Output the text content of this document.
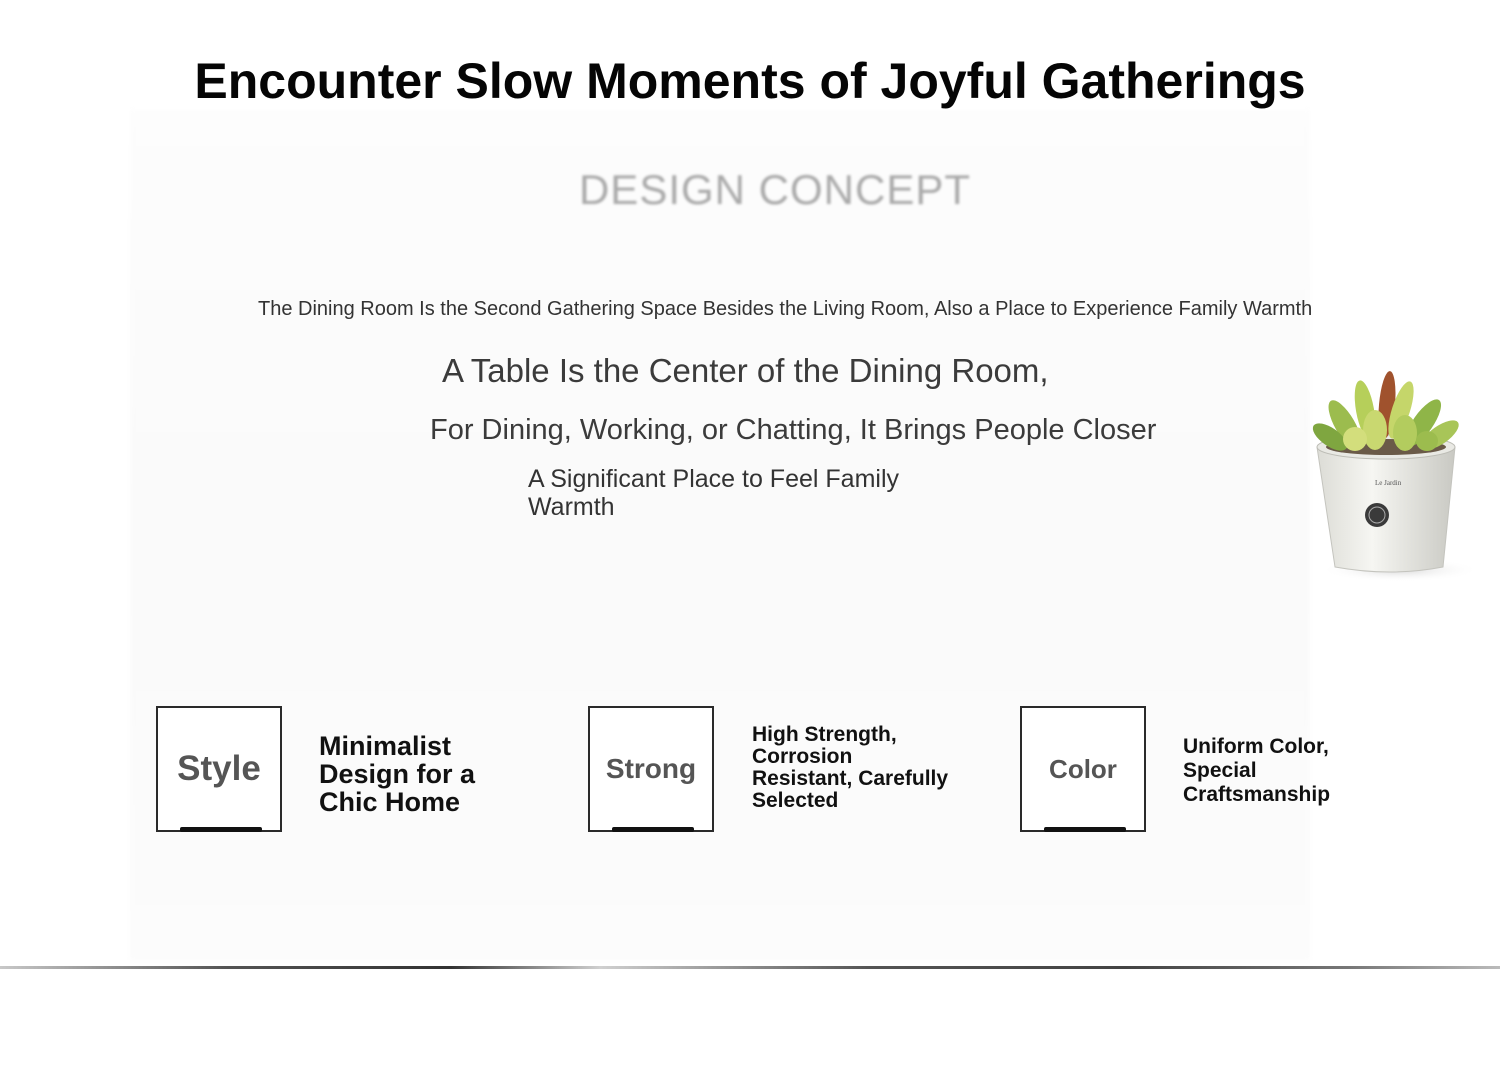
Encounter Slow Moments of Joyful Gatherings
DESIGN CONCEPT
The Dining Room Is the Second Gathering Space Besides the Living Room, Also a Place to Experience Family Warmth
A Table Is the Center of the Dining Room,
For Dining, Working, or Chatting, It Brings People Closer
A Significant Place to Feel Family Warmth
Le Jardin
Style
Minimalist Design for a Chic Home
Strong
High Strength, Corrosion Resistant, Carefully Selected
Color
Uniform Color, Special Craftsmanship
